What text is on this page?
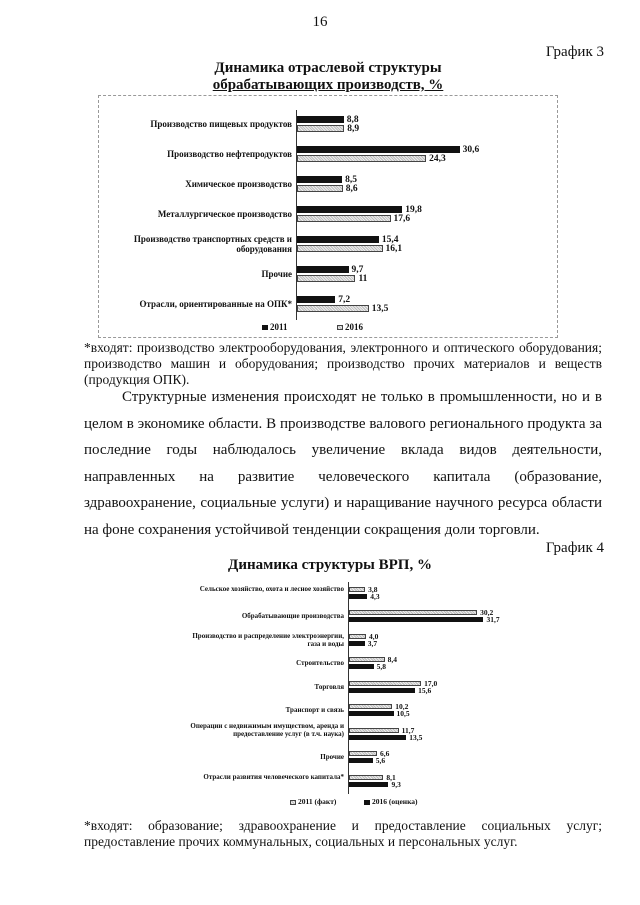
16
График 3
Динамика отраслевой структуры
обрабатывающих производств, %
Производство пищевых продуктов	8,8
8,9
Производство нефтепродуктов	30,6
24,3
Химическое производство	8,5
8,6
Металлургическое производство	19,8
17,6
Производство транспортных средств и оборудования
15,4
16,1
Прочие	9,7
11
Отрасли, ориентированные на ОПК*	7,2
13,5
2011	2016
*входят: производство электрооборудования, электронного и оптического оборудования; производство машин и оборудования; производство прочих материалов и веществ (продукция ОПК).

Структурные изменения происходят не только в промышленности, но и в целом в экономике области. В производстве валового регионального продукта за последние годы наблюдалось увеличение вклада видов деятельности, направленных на развитие человеческого капитала (образование, здравоохранение, социальные услуги) и наращивание научного ресурса области на фоне сохранения устойчивой тенденции сокращения доли торговли.

График 4
Динамика структуры ВРП, %
Сельское хозяйство, охота и лесное хозяйство	3,8
4,3
Обрабатывающие производства	30,2
31,7
Производство и распределение электроэнергии, газа и воды
4,0
3,7
Строительство	8,4
5,8
Торговля	17,0
15,6
Транспорт и связь	10,2
10,5
Операции с недвижимым имуществом, аренда и предоставление услуг (в т.ч. наука)	11,7
13,5
Прочие	6,6
5,6
Отрасли развития человеческого капитала*	8,1
9,3
2011 (факт)	2016 (оценка)
*входят: образование; здравоохранение и предоставление социальных услуг; предоставление прочих коммунальных, социальных и персональных услуг.
